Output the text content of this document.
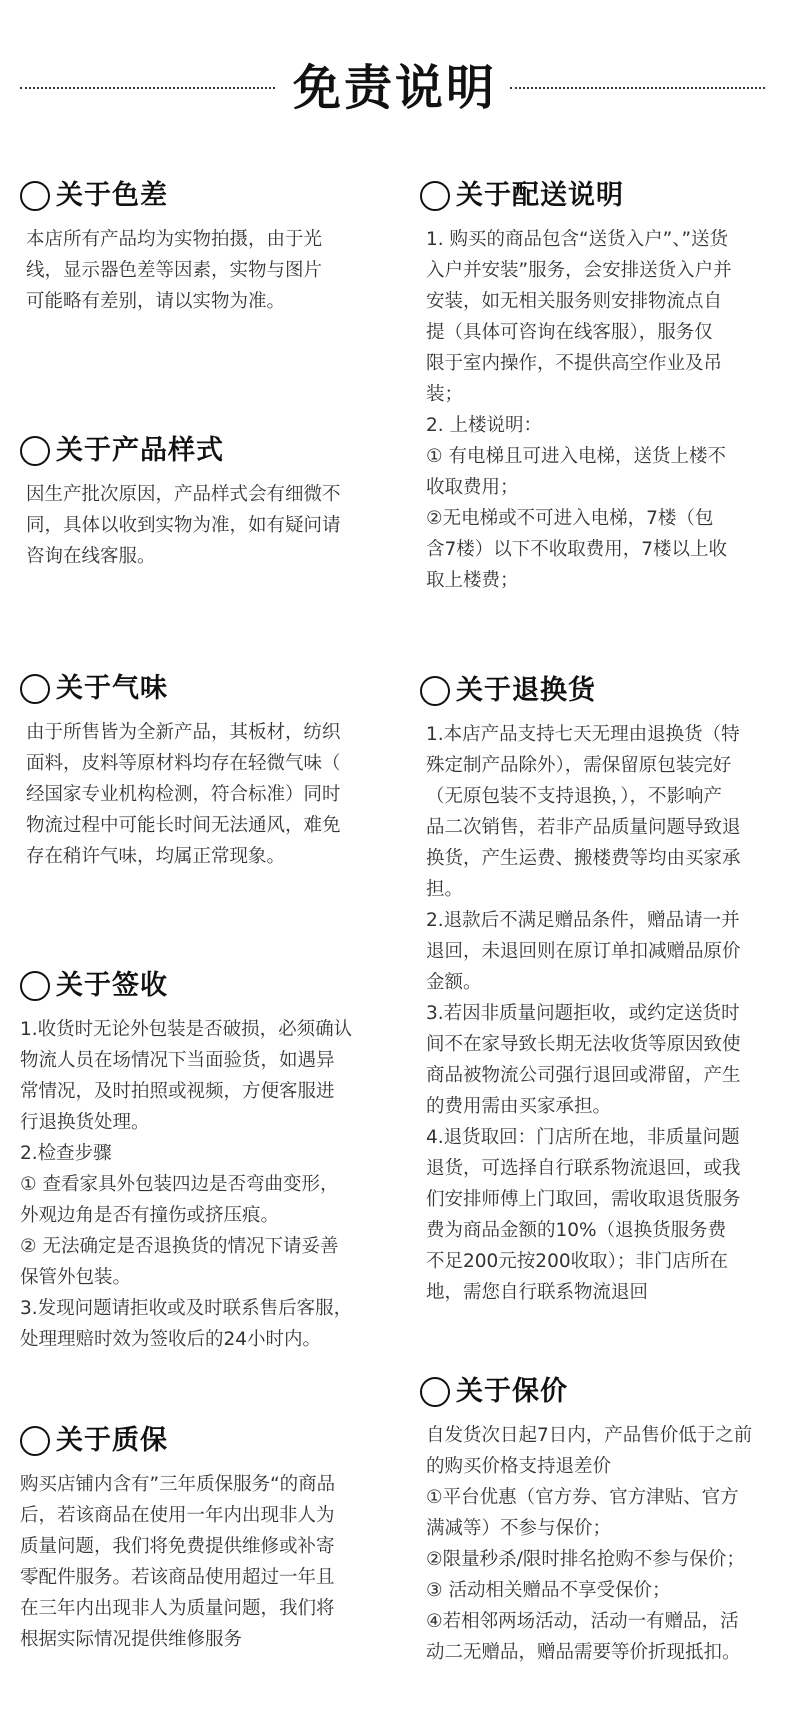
免责说明
关于色差

本店所有产品均为实物拍摄，由于光

线，显示器色差等因素，实物与图片

可能略有差别，请以实物为准。

关于产品样式

因生产批次原因，产品样式会有细微不

同，具体以收到实物为准，如有疑问请

咨询在线客服。

关于气味

由于所售皆为全新产品，其板材，纺织

面料，皮料等原材料均存在轻微气味（

经国家专业机构检测，符合标准）同时

物流过程中可能长时间无法通风，难免

存在稍许气味，均属正常现象。

关于签收

1.收货时无论外包装是否破损，必须确认

物流人员在场情况下当面验货，如遇异

常情况，及时拍照或视频，方便客服进

行退换货处理。

2.检查步骤

① 查看家具外包装四边是否弯曲变形，

外观边角是否有撞伤或挤压痕。

② 无法确定是否退换货的情况下请妥善

保管外包装。

3.发现问题请拒收或及时联系售后客服，

处理理赔时效为签收后的24小时内。

关于质保

购买店铺内含有”三年质保服务“的商品

后，若该商品在使用一年内出现非人为

质量问题，我们将免费提供维修或补寄

零配件服务。若该商品使用超过一年且

在三年内出现非人为质量问题，我们将

根据实际情况提供维修服务

关于配送说明

1. 购买的商品包含“送货入户”、”送货

入户并安装”服务，会安排送货入户并

安装，如无相关服务则安排物流点自

提（具体可咨询在线客服），服务仅

限于室内操作，不提供高空作业及吊

装；

2. 上楼说明：

① 有电梯且可进入电梯，送货上楼不

收取费用；

②无电梯或不可进入电梯，7楼（包

含7楼）以下不收取费用，7楼以上收

取上楼费；

关于退换货

1.本店产品支持七天无理由退换货（特

殊定制产品除外），需保留原包装完好

（无原包装不支持退换，），不影响产

品二次销售，若非产品质量问题导致退

换货，产生运费、搬楼费等均由买家承

担。

2.退款后不满足赠品条件，赠品请一并

退回，未退回则在原订单扣减赠品原价

金额。

3.若因非质量问题拒收，或约定送货时

间不在家导致长期无法收货等原因致使

商品被物流公司强行退回或滞留，产生

的费用需由买家承担。

4.退货取回：门店所在地，非质量问题

退货，可选择自行联系物流退回，或我

们安排师傅上门取回，需收取退货服务

费为商品金额的10%（退换货服务费

不足200元按200收取）；非门店所在

地，需您自行联系物流退回

关于保价

自发货次日起7日内，产品售价低于之前

的购买价格支持退差价

①平台优惠（官方券、官方津贴、官方

满减等）不参与保价；

②限量秒杀/限时排名抢购不参与保价；

③ 活动相关赠品不享受保价；

④若相邻两场活动，活动一有赠品，活

动二无赠品，赠品需要等价折现抵扣。
